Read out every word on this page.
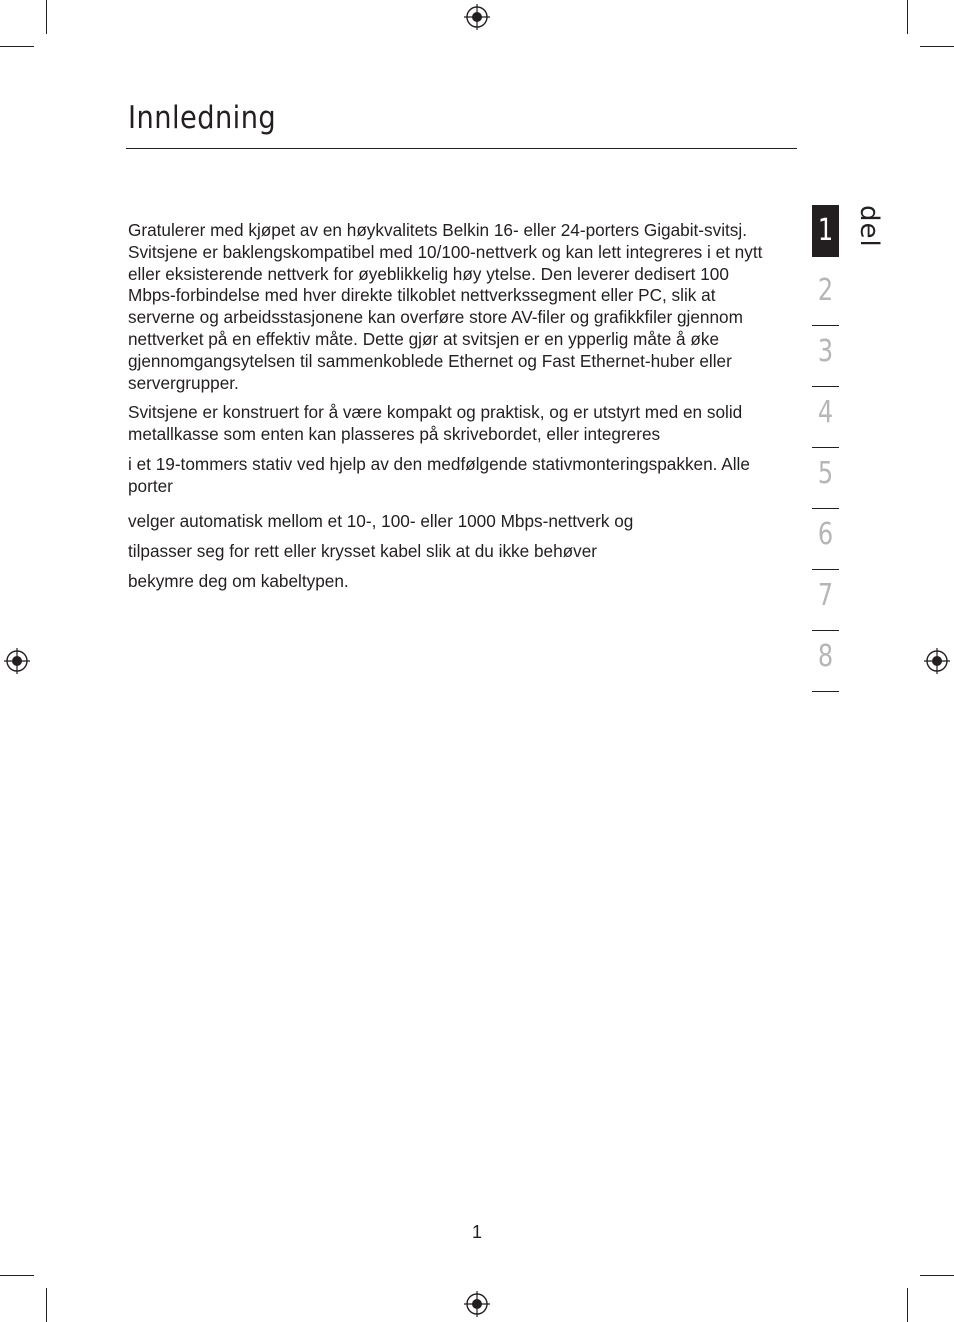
Innledning

Gratulerer med kjøpet av en høykvalitets Belkin 16- eller 24-porters Gigabit-svitsj. Svitsjene er baklengskompatibel med 10/100-nettverk og kan lett integreres i et nytt eller eksisterende nettverk for øyeblikkelig høy ytelse. Den leverer dedisert 100 Mbps-forbindelse med hver direkte tilkoblet nettverkssegment eller PC, slik at serverne og arbeidsstasjonene kan overføre store AV-filer og grafikkfiler gjennom nettverket på en effektiv måte. Dette gjør at svitsjen er en ypperlig måte å øke gjennomgangsytelsen til sammenkoblede Ethernet og Fast Ethernet-huber eller servergrupper.

Svitsjene er konstruert for å være kompakt og praktisk, og er utstyrt med en solid metallkasse som enten kan plasseres på skrivebordet, eller integreres

i et 19-tommers stativ ved hjelp av den medfølgende stativmonteringspakken. Alle porter

velger automatisk mellom et 10-, 100- eller 1000 Mbps-nettverk og

tilpasser seg for rett eller krysset kabel slik at du ikke behøver

bekymre deg om kabeltypen.

1
2
3
4
5
6
7
8
del
1
